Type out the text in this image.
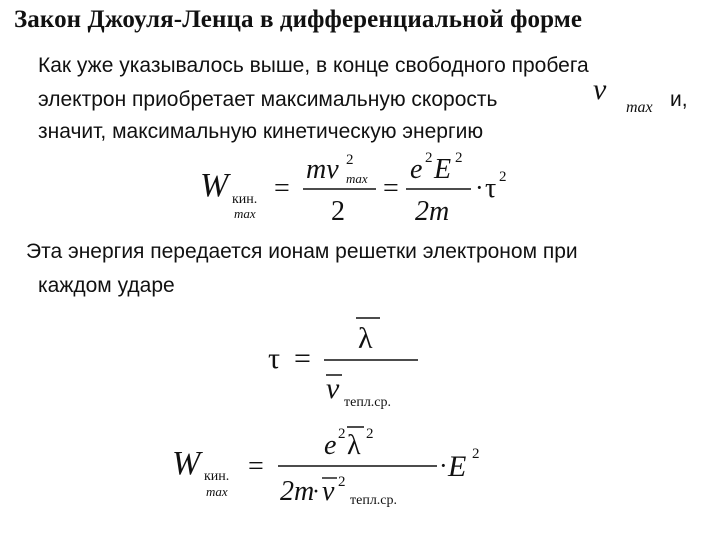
Закон Джоуля-Ленца в дифференциальной форме
Как уже указывалось выше, в конце свободного пробега
электрон приобретает максимальную скорость	v
max и,
значит, максимальную кинетическую энергию
W кин.
max
=
mv 2
max
2
=
e 2 E 2
2m
· τ 2
Эта энергия передается ионам решетки электроном при
каждом ударе
τ =
λ
v тепл.ср.
W кин.
max
=
e 2 λ 2
2m
· v 2
тепл.ср.
· E 2
